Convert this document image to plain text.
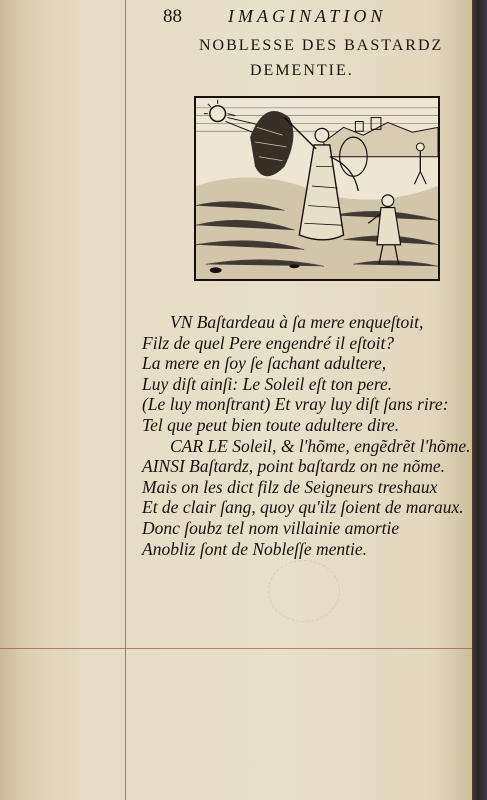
88	IMAGINATION
NOBLESSE DES BASTARDZ
DEMENTIE.
VN Baſtardeau à ſa mere enqueſtoit,
Filz de quel Pere engendré il eſtoit?
La mere en ſoy ſe ſachant adultere,
Luy diſt ainſi: Le Soleil eſt ton pere.
(Le luy monſtrant) Et vray luy diſt ſans rire:
Tel que peut bien toute adultere dire.
CAR LE Soleil, & l'hõme, engẽdrẽt l'hõme.
AINSI Baſtardz, point baſtardz on ne nõme.
Mais on les dict filz de Seigneurs treshaux
Et de clair ſang, quoy qu'ilz ſoient de maraux.
Donc ſoubz tel nom villainie amortie
Anobliz ſont de Nobleſſe mentie.
